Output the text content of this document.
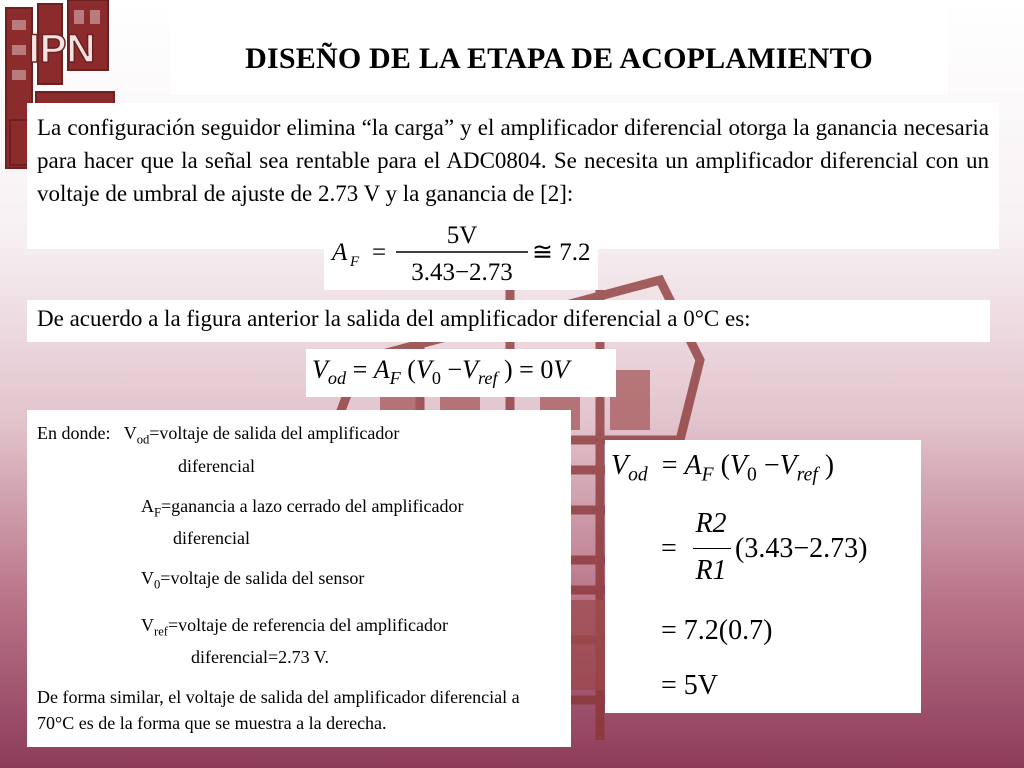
IPN	DISEÑO DE LA ETAPA DE ACOPLAMIENTO
La configuración seguidor elimina “la carga” y el amplificador diferencial otorga la ganancia necesaria para hacer que la señal sea rentable para el ADC0804. Se necesita un amplificador diferencial con un voltaje de umbral de ajuste de 2.73 V y la ganancia de [2]:
A F =
5V
3.43−2.73
≅ 7.2
De acuerdo a la figura anterior la salida del amplificador diferencial a 0°C es:
$V_{od} = A_F$ ($V_0 -V_{ref}$ ) = 0V

En donde: $V_{od}=voltaje$ de salida del amplificador

diferencial

$A_F=ganancia$ a lazo cerrado del amplificador

diferencial

$V_0=voltaje$ de salida del sensor

$V_{ref}=voltaje$ de referencia del amplificador

diferencial=2.73 V.

De forma similar, el voltaje de salida del amplificador diferencial a 70°C es de la forma que se muestra a la derecha.

$V_{od} = A_F$ ($V_0 -V_{ref}$ )
=
R2
R1
(3.43−2.73)
= 7.2(0.7)
= 5V
